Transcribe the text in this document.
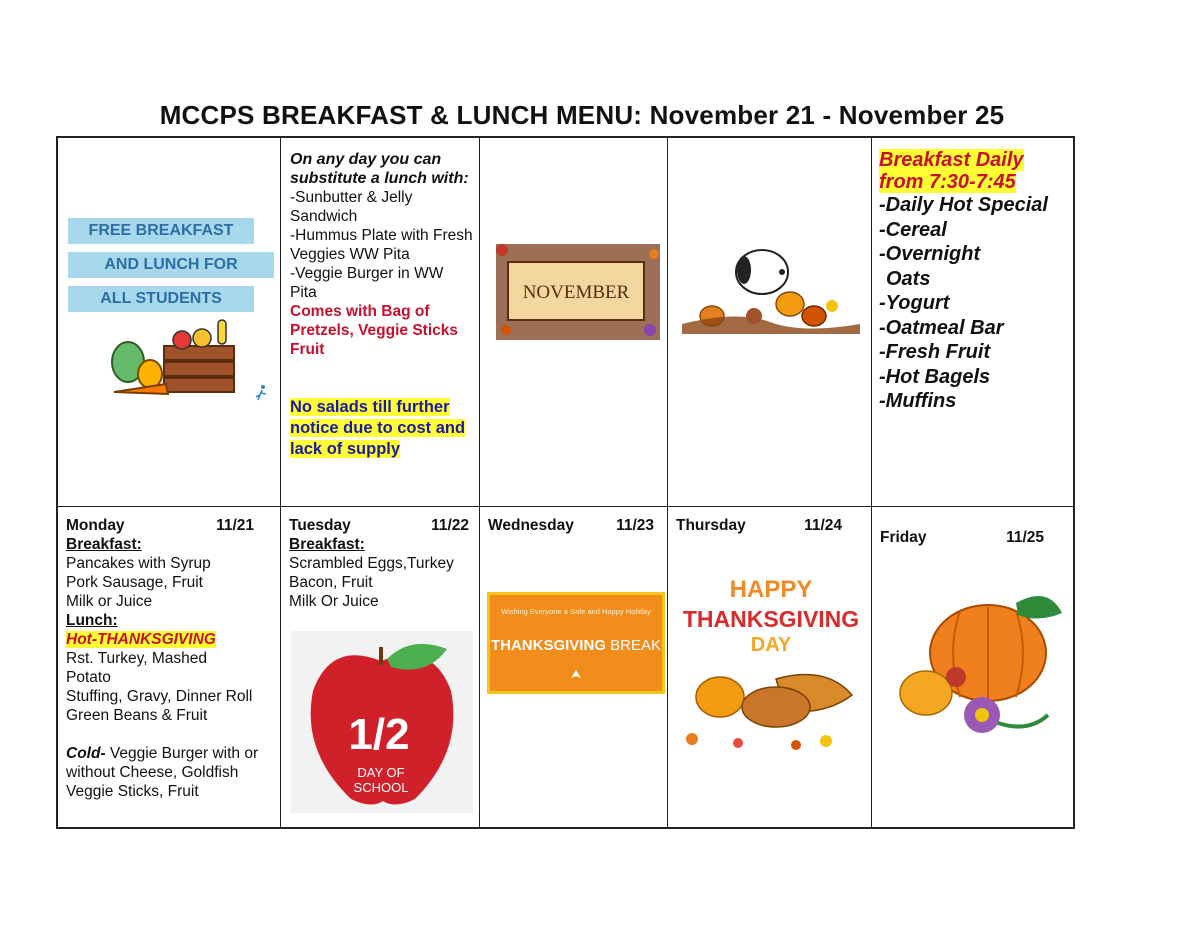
MCCPS BREAKFAST & LUNCH MENU: November 21 - November 25
FREE BREAKFAST
AND LUNCH FOR
ALL STUDENTS
On any day you can substitute a lunch with:
-Sunbutter & Jelly Sandwich
-Hummus Plate with Fresh Veggies WW Pita
-Veggie Burger in WW Pita
Comes with Bag of Pretzels, Veggie Sticks Fruit
No salads till further notice due to cost and lack of supply
NOVEMBER
Breakfast Daily
from 7:30-7:45
-Daily Hot Special
-Cereal
-Overnight
Oats
-Yogurt
-Oatmeal Bar
-Fresh Fruit
-Hot Bagels
-Muffins
Monday	11/21
Breakfast:
Pancakes with Syrup
Pork Sausage, Fruit
Milk or Juice
Lunch:
Hot-THANKSGIVING
Rst. Turkey, Mashed Potato
Stuffing, Gravy, Dinner Roll
Green Beans & Fruit
Cold- Veggie Burger with or without Cheese, Goldfish Veggie Sticks, Fruit
Tuesday	11/22
Breakfast:
Scrambled Eggs,Turkey Bacon, Fruit
Milk Or Juice
1/2
DAY OF
SCHOOL
Wednesday	11/23
Wishing Everyone a Safe and Happy Holiday
THANKSGIVING BREAK
Thursday	11/24
HAPPY
THANKSGIVING
DAY
Friday	11/25
